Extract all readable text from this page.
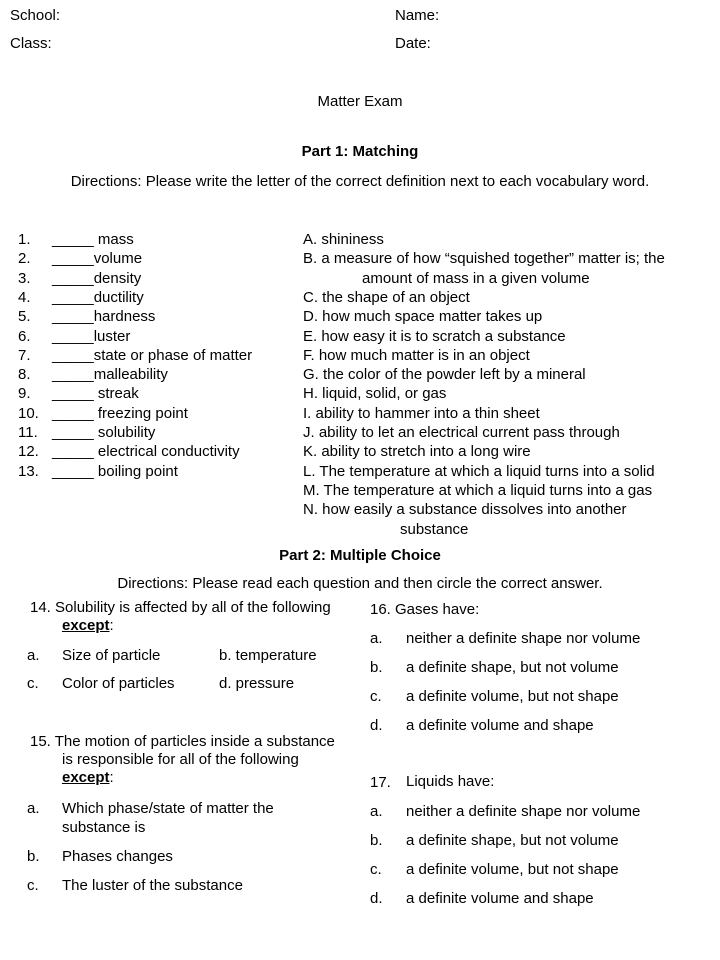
School:	Name:
Class:	Date:
Matter Exam
Part 1: Matching
Directions: Please write the letter of the correct definition next to each vocabulary word.
1.	_____ mass
2.	_____volume
3.	_____density
4.	_____ductility
5.	_____hardness
6.	_____luster
7.	_____state or phase of matter
8.	_____malleability
9.	_____ streak
10. _____ freezing point
11. _____ solubility
12. _____ electrical conductivity
13. _____ boiling point
A. shininess
B. a measure of how “squished together” matter is; the
amount of mass in a given volume
C. the shape of an object
D. how much space matter takes up
E. how easy it is to scratch a substance
F. how much matter is in an object
G. the color of the powder left by a mineral
H. liquid, solid, or gas
I. ability to hammer into a thin sheet
J. ability to let an electrical current pass through
K. ability to stretch into a long wire
L. The temperature at which a liquid turns into a solid
M. The temperature at which a liquid turns into a gas
N. how easily a substance dissolves into another
substance
Part 2: Multiple Choice
Directions: Please read each question and then circle the correct answer.
14. Solubility is affected by all of the following
except:
a.	Size of particle	b. temperature
c.	Color of particles	d. pressure
15. The motion of particles inside a substance
is responsible for all of the following
except:
a.	Which phase/state of matter the
substance is
b.	Phases changes
c.	The luster of the substance
16. Gases have:
a.	neither a definite shape nor volume
b.	a definite shape, but not volume
c.	a definite volume, but not shape
d.	a definite volume and shape
17.	Liquids have:
a.	neither a definite shape nor volume
b.	a definite shape, but not volume
c.	a definite volume, but not shape
d.	a definite volume and shape
